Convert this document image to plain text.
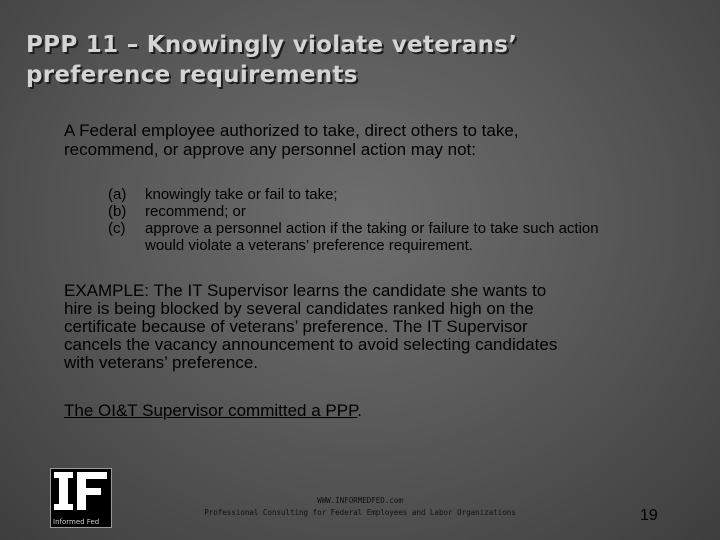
PPP 11 – Knowingly violate veterans’
preference requirements
A Federal employee authorized to take, direct others to take,
recommend, or approve any personnel action may not:
(a) knowingly take or fail to take;
(b) recommend; or
(c) approve a personnel action if the taking or failure to take such action
would violate a veterans’ preference requirement.
EXAMPLE: The IT Supervisor learns the candidate she wants to
hire is being blocked by several candidates ranked high on the
certificate because of veterans’ preference. The IT Supervisor
cancels the vacancy announcement to avoid selecting candidates
with veterans’ preference.
The OI&T Supervisor committed a PPP.
Informed Fed
WWW.INFORMEDFED.com
Professional Consulting for Federal Employees and Labor Organizations	19
